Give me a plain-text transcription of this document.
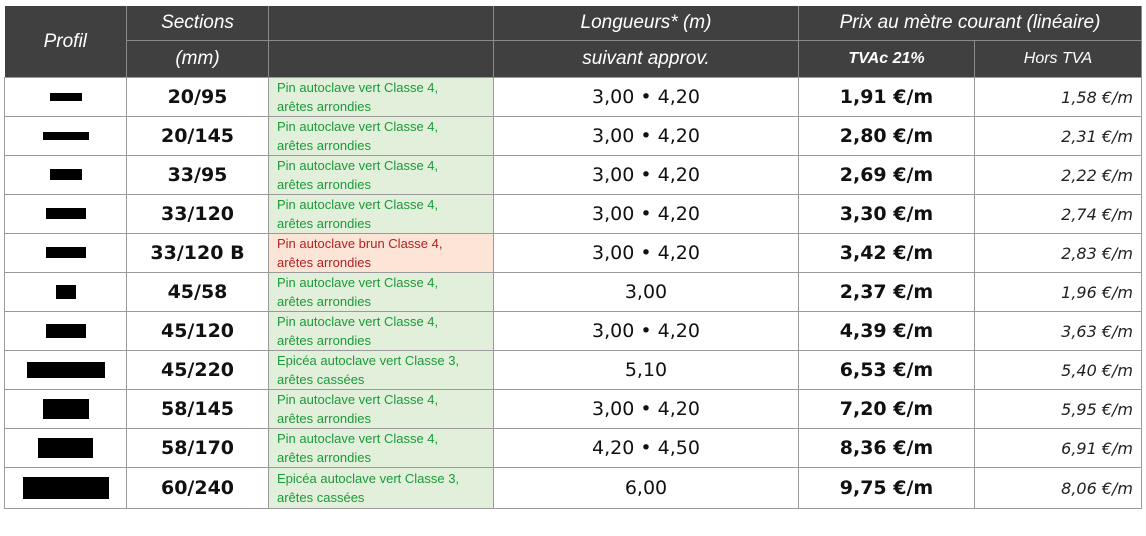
Profil	Sections		Longueurs* (m)	Prix au mètre courant (linéaire)	
	(mm)		suivant approv.	TVAc 21%	Hors TVA
	20/95	Pin autoclave vert Classe 4,
arêtes arrondies	3,00 • 4,20	1,91 €/m	1,58 €/m
	20/145	Pin autoclave vert Classe 4,
arêtes arrondies	3,00 • 4,20	2,80 €/m	2,31 €/m
	33/95	Pin autoclave vert Classe 4,
arêtes arrondies	3,00 • 4,20	2,69 €/m	2,22 €/m
	33/120	Pin autoclave vert Classe 4,
arêtes arrondies	3,00 • 4,20	3,30 €/m	2,74 €/m
	33/120 B	Pin autoclave brun Classe 4,
arêtes arrondies	3,00 • 4,20	3,42 €/m	2,83 €/m
	45/58	Pin autoclave vert Classe 4,
arêtes arrondies	3,00	2,37 €/m	1,96 €/m
	45/120	Pin autoclave vert Classe 4,
arêtes arrondies	3,00 • 4,20	4,39 €/m	3,63 €/m
	45/220	Epicéa autoclave vert Classe 3,
arêtes cassées	5,10	6,53 €/m	5,40 €/m
	58/145	Pin autoclave vert Classe 4,
arêtes arrondies	3,00 • 4,20	7,20 €/m	5,95 €/m
	58/170	Pin autoclave vert Classe 4,
arêtes arrondies	4,20 • 4,50	8,36 €/m	6,91 €/m
	60/240	Epicéa autoclave vert Classe 3,
arêtes cassées	6,00	9,75 €/m	8,06 €/m
